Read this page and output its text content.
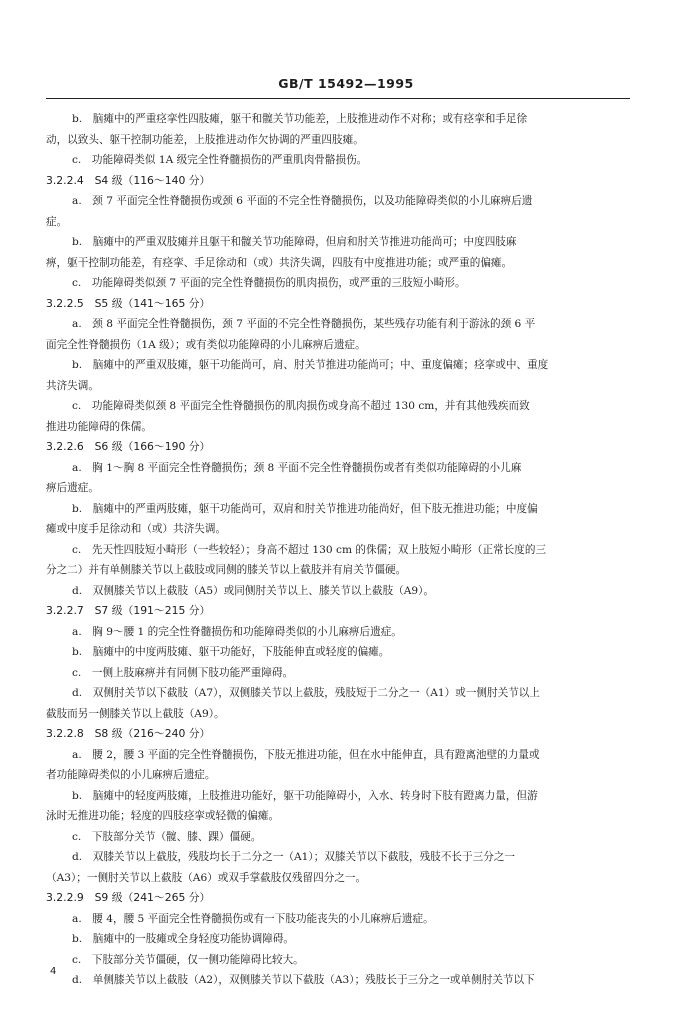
GB/T 15492—1995
b.　脑瘫中的严重痉挛性四肢瘫，躯干和髋关节功能差，上肢推进动作不对称；或有痉挛和手足徐
动，以致头、躯干控制功能差，上肢推进动作欠协调的严重四肢瘫。
c.　功能障碍类似 1A 级完全性脊髓损伤的严重肌肉骨骼损伤。
3.2.2.4　S4 级（116～140 分）
a.　颈 7 平面完全性脊髓损伤或颈 6 平面的不完全性脊髓损伤，以及功能障碍类似的小儿麻痹后遗
症。
b.　脑瘫中的严重双肢瘫并且躯干和髋关节功能障碍，但肩和肘关节推进功能尚可；中度四肢麻
痹，躯干控制功能差，有痉挛、手足徐动和（或）共济失调，四肢有中度推进功能；或严重的偏瘫。
c.　功能障碍类似颈 7 平面的完全性脊髓损伤的肌肉损伤，或严重的三肢短小畸形。
3.2.2.5　S5 级（141～165 分）
a.　颈 8 平面完全性脊髓损伤，颈 7 平面的不完全性脊髓损伤，某些残存功能有利于游泳的颈 6 平
面完全性脊髓损伤（1A 级）；或有类似功能障碍的小儿麻痹后遗症。
b.　脑瘫中的严重双肢瘫，躯干功能尚可，肩、肘关节推进功能尚可；中、重度偏瘫；痉挛或中、重度
共济失调。
c.　功能障碍类似颈 8 平面完全性脊髓损伤的肌肉损伤或身高不超过 130 cm，并有其他残疾而致
推进功能障碍的侏儒。
3.2.2.6　S6 级（166～190 分）
a.　胸 1～胸 8 平面完全性脊髓损伤；颈 8 平面不完全性脊髓损伤或者有类似功能障碍的小儿麻
痹后遗症。
b.　脑瘫中的严重两肢瘫，躯干功能尚可，双肩和肘关节推进功能尚好，但下肢无推进功能；中度偏
瘫或中度手足徐动和（或）共济失调。
c.　先天性四肢短小畸形（一些较轻）；身高不超过 130 cm 的侏儒；双上肢短小畸形（正常长度的三
分之二）并有单侧膝关节以上截肢或同侧的膝关节以上截肢并有肩关节僵硬。
d.　双侧膝关节以上截肢（A5）或同侧肘关节以上、膝关节以上截肢（A9）。
3.2.2.7　S7 级（191～215 分）
a.　胸 9～腰 1 的完全性脊髓损伤和功能障碍类似的小儿麻痹后遗症。
b.　脑瘫中的中度两肢瘫、躯干功能好，下肢能伸直或轻度的偏瘫。
c.　一侧上肢麻痹并有同侧下肢功能严重障碍。
d.　双侧肘关节以下截肢（A7），双侧膝关节以上截肢，残肢短于二分之一（A1）或一侧肘关节以上
截肢而另一侧膝关节以上截肢（A9）。
3.2.2.8　S8 级（216～240 分）
a.　腰 2，腰 3 平面的完全性脊髓损伤，下肢无推进功能，但在水中能伸直，具有蹬离池壁的力量或
者功能障碍类似的小儿麻痹后遗症。
b.　脑瘫中的轻度两肢瘫，上肢推进功能好，躯干功能障碍小，入水、转身时下肢有蹬离力量，但游
泳时无推进功能；轻度的四肢痉挛或轻微的偏瘫。
c.　下肢部分关节（髋、膝、踝）僵硬。
d.　双膝关节以上截肢，残肢均长于二分之一（A1）；双膝关节以下截肢，残肢不长于三分之一
（A3）；一侧肘关节以上截肢（A6）或双手掌截肢仅残留四分之一。
3.2.2.9　S9 级（241～265 分）
a.　腰 4，腰 5 平面完全性脊髓损伤或有一下肢功能丧失的小儿麻痹后遗症。
b.　脑瘫中的一肢瘫或全身轻度功能协调障碍。
c.　下肢部分关节僵硬，仅一侧功能障碍比较大。
d.　单侧膝关节以上截肢（A2），双侧膝关节以下截肢（A3）；残肢长于三分之一或单侧肘关节以下
4
